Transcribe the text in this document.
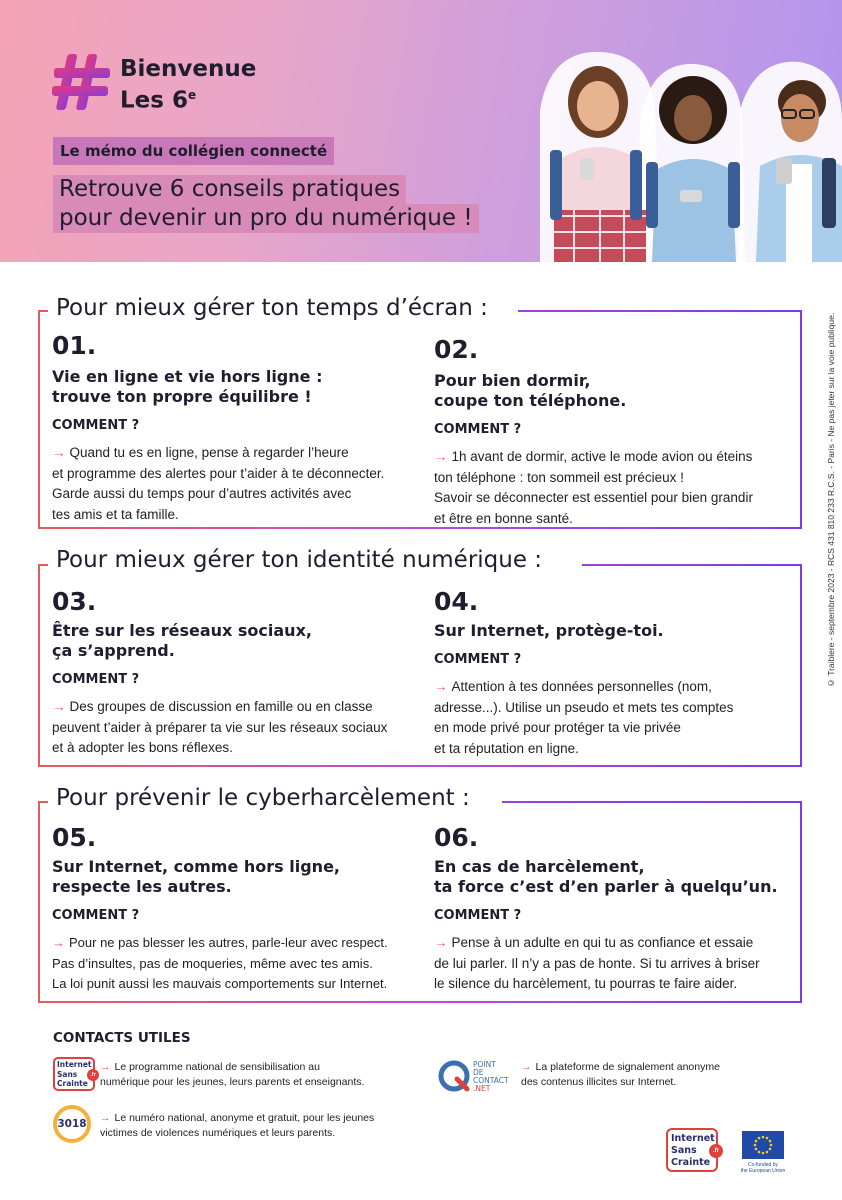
Bienvenue
Les 6e
Le mémo du collégien connecté
Retrouve 6 conseils pratiques
pour devenir un pro du numérique !
© Traiblere - septembre 2023 - RCS 431 810 233 R.C.S. - Paris - Ne pas jeter sur la voie publique.
Pour mieux gérer ton temps d’écran :
01.
Vie en ligne et vie hors ligne :
trouve ton propre équilibre !
COMMENT ?
→ Quand tu es en ligne, pense à regarder l’heure
et programme des alertes pour t’aider à te déconnecter.
Garde aussi du temps pour d’autres activités avec
tes amis et ta famille.
02.
Pour bien dormir,
coupe ton téléphone.
COMMENT ?
→ 1h avant de dormir, active le mode avion ou éteins
ton téléphone : ton sommeil est précieux !
Savoir se déconnecter est essentiel pour bien grandir
et être en bonne santé.
Pour mieux gérer ton identité numérique :
03.
Être sur les réseaux sociaux,
ça s’apprend.
COMMENT ?
→ Des groupes de discussion en famille ou en classe
peuvent t’aider à préparer ta vie sur les réseaux sociaux
et à adopter les bons réflexes.
04.
Sur Internet, protège-toi.
COMMENT ?
→ Attention à tes données personnelles (nom,
adresse...). Utilise un pseudo et mets tes comptes
en mode privé pour protéger ta vie privée
et ta réputation en ligne.
Pour prévenir le cyberharcèlement :
05.
Sur Internet, comme hors ligne,
respecte les autres.
COMMENT ?
→ Pour ne pas blesser les autres, parle-leur avec respect.
Pas d’insultes, pas de moqueries, même avec tes amis.
La loi punit aussi les mauvais comportements sur Internet.
06.
En cas de harcèlement,
ta force c’est d’en parler à quelqu’un.
COMMENT ?
→ Pense à un adulte en qui tu as confiance et essaie
de lui parler. Il n’y a pas de honte. Si tu arrives à briser
le silence du harcèlement, tu pourras te faire aider.
CONTACTS UTILES
Internet
Sans
Crainte
.fr
→ Le programme national de sensibilisation au
numérique pour les jeunes, leurs parents et enseignants.
3018	→ Le numéro national, anonyme et gratuit, pour les jeunes
victimes de violences numériques et leurs parents.
POINT
DE
CONTACT
.NET
→ La plateforme de signalement anonyme
des contenus illicites sur Internet.
Internet
Sans
Crainte
.fr
Co-funded by
the European Union
